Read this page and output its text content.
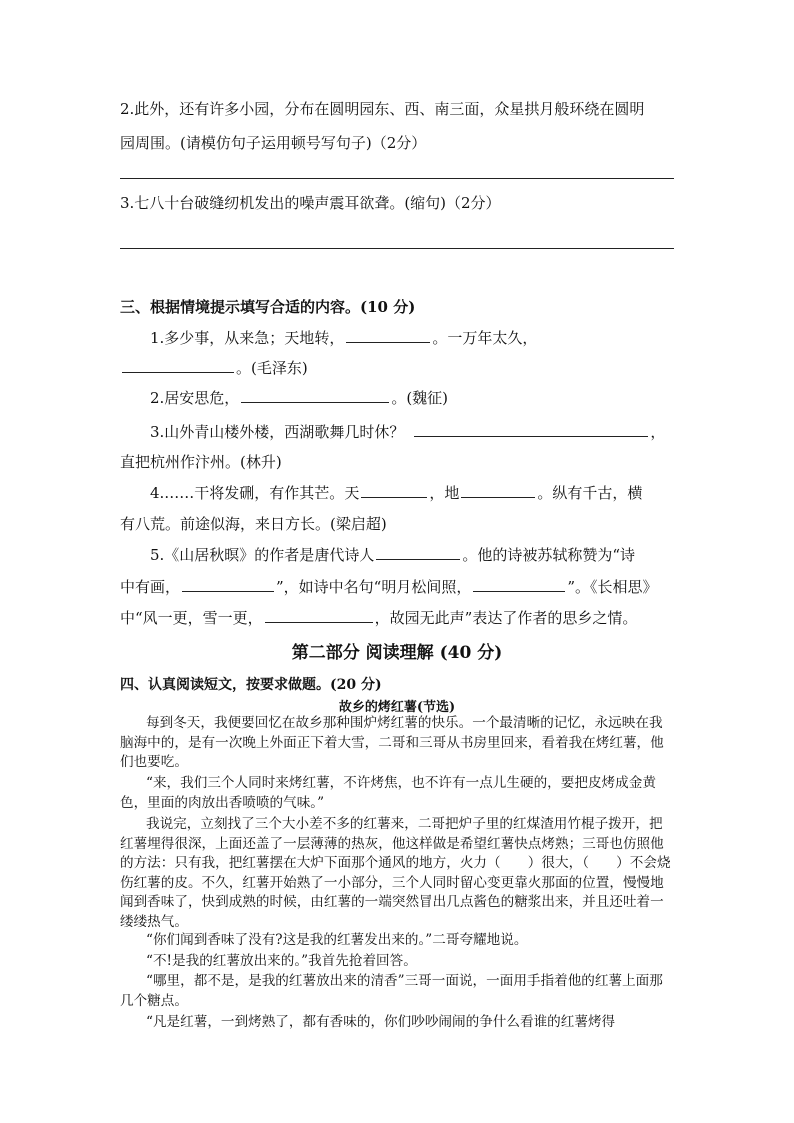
2.此外，还有许多小园，分布在圆明园东、西、南三面，众星拱月般环绕在圆明
园周围。(请模仿句子运用顿号写句子)（2分）
3.七八十台破缝纫机发出的噪声震耳欲聋。(缩句)（2分）
三、根据情境提示填写合适的内容。(10 分)
1.多少事，从来急；天地转，	。一万年太久，
。(毛泽东)
2.居安思危，	。(魏征)
3.山外青山楼外楼，西湖歌舞几时休？	，
直把杭州作汴州。(林升)
4.……干将发硎，有作其芒。天	，地	。纵有千古，横
有八荒。前途似海，来日方长。(梁启超)
5.《山居秋暝》的作者是唐代诗人	。他的诗被苏轼称赞为“诗
中有画，	”，如诗中名句“明月松间照，	”。《长相思》
中“风一更，雪一更，	，故园无此声”表达了作者的思乡之情。
第二部分 阅读理解 (40 分)
四、认真阅读短文，按要求做题。(20 分)
故乡的烤红薯(节选)
每到冬天，我便要回忆在故乡那种围炉烤红薯的快乐。一个最清晰的记忆，永远映在我脑海中的，是有一次晚上外面正下着大雪，二哥和三哥从书房里回来，看着我在烤红薯，他们也要吃。
“来，我们三个人同时来烤红薯，不许烤焦，也不许有一点儿生硬的，要把皮烤成金黄色，里面的肉放出香喷喷的气味。”
我说完，立刻找了三个大小差不多的红薯来，二哥把炉子里的红煤渣用竹棍子拨开，把红薯埋得很深，上面还盖了一层薄薄的热灰，他这样做是希望红薯快点烤熟；三哥也仿照他的方法：只有我，把红薯摆在大炉下面那个通风的地方，火力（　　）很大，（　　）不会烧伤红薯的皮。不久，红薯开始熟了一小部分，三个人同时留心变更靠火那面的位置，慢慢地闻到香味了，快到成熟的时候，由红薯的一端突然冒出几点酱色的糖浆出来，并且还吐着一缕缕热气。
“你们闻到香味了没有?这是我的红薯发出来的。”二哥夸耀地说。
“不!是我的红薯放出来的。”我首先抢着回答。
“哪里，都不是，是我的红薯放出来的清香”三哥一面说，一面用手指着他的红薯上面那几个糖点。
“凡是红薯，一到烤熟了，都有香味的，你们吵吵闹闹的争什么看谁的红薯烤得
